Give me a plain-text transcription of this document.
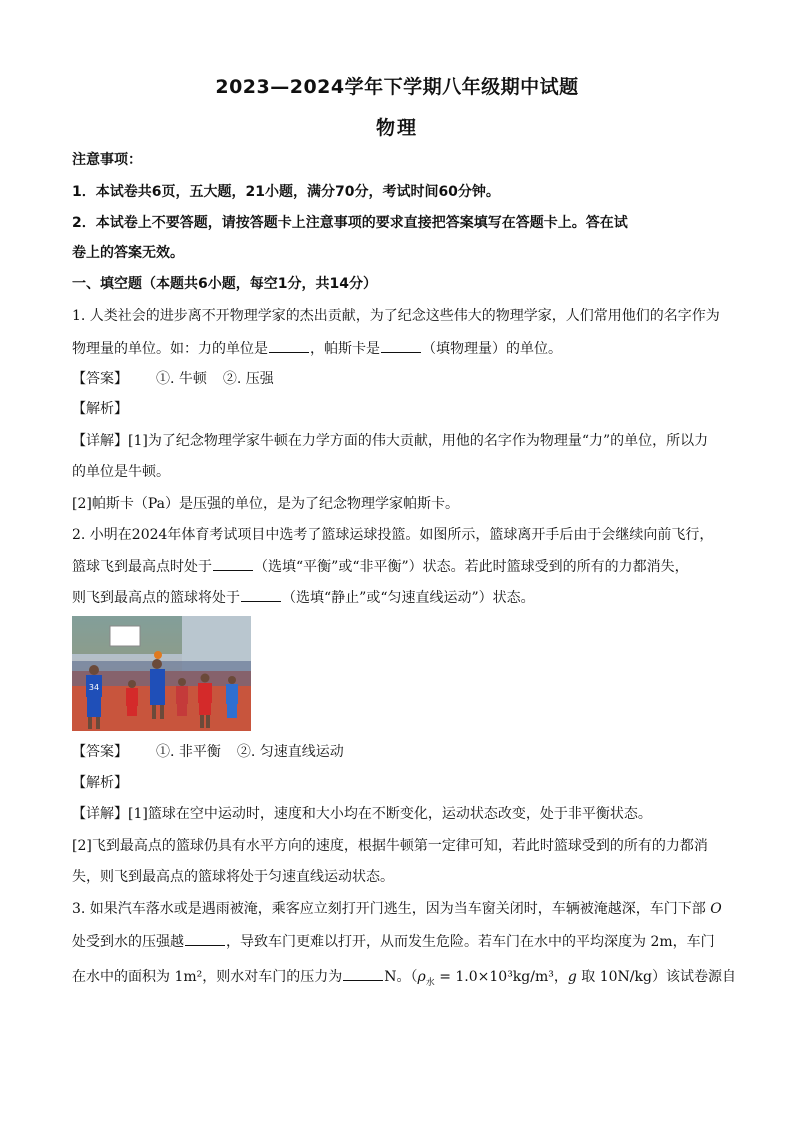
2023—2024学年下学期八年级期中试题
物理
注意事项：
1．本试卷共6页，五大题，21小题，满分70分，考试时间60分钟。
2．本试卷上不要答题，请按答题卡上注意事项的要求直接把答案填写在答题卡上。答在试
卷上的答案无效。
一、填空题（本题共6小题，每空1分，共14分）
1. 人类社会的进步离不开物理学家的杰出贡献，为了纪念这些伟大的物理学家，人们常用他们的名字作为
物理量的单位。如：力的单位是	，帕斯卡是	（填物理量）的单位。
【答案】 ①. 牛顿 ②. 压强
【解析】
【详解】[1]为了纪念物理学家牛顿在力学方面的伟大贡献，用他的名字作为物理量“力”的单位，所以力
的单位是牛顿。
[2]帕斯卡（Pa）是压强的单位，是为了纪念物理学家帕斯卡。
2. 小明在2024年体育考试项目中选考了篮球运球投篮。如图所示，篮球离开手后由于会继续向前飞行，
篮球飞到最高点时处于	（选填“平衡”或“非平衡”）状态。若此时篮球受到的所有的力都消失，
则飞到最高点的篮球将处于	（选填“静止”或“匀速直线运动”）状态。
34
【答案】 ①. 非平衡 ②. 匀速直线运动
【解析】
【详解】[1]篮球在空中运动时，速度和大小均在不断变化，运动状态改变，处于非平衡状态。
[2]飞到最高点的篮球仍具有水平方向的速度，根据牛顿第一定律可知，若此时篮球受到的所有的力都消
失，则飞到最高点的篮球将处于匀速直线运动状态。
3. 如果汽车落水或是遇雨被淹，乘客应立刻打开门逃生，因为当车窗关闭时，车辆被淹越深，车门下部 O
处受到水的压强越	，导致车门更难以打开，从而发生危险。若车门在水中的平均深度为 2m，车门
在水中的面积为 1m²，则水对车门的压力为	N。（$\rho_水 = 1.0\times 10^3kg/m^3$，g 取 10N/kg）该试卷源自
